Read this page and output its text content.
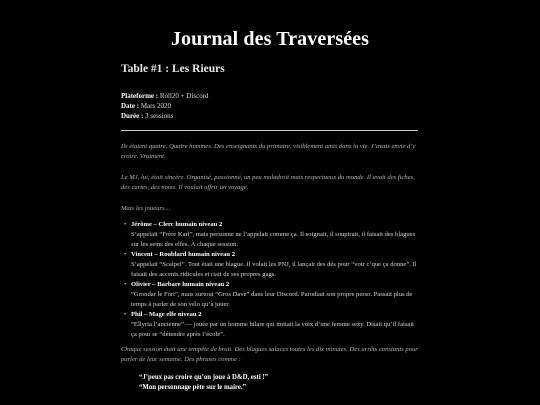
Journal des Traversées
Table #1 : Les Rieurs
Plateforme : Roll20 + Discord
Date : Mars 2020
Durée : 3 sessions

Ils étaient quatre. Quatre hommes. Des enseignants du primaire, visiblement amis dans la vie. J’avais envie d’y croire. Vraiment.

Le MJ, lui, était sincère. Organisé, passionné, un peu maladroit mais respectueux du monde. Il avait des fiches, des cartes, des noms. Il voulait offrir un voyage.

Mais les joueurs…

• Jérôme – Clerc humain niveau 2
S’appelait “Frère Karl”, mais personne ne l’appelait comme ça. Il soignait, il soupirait, il faisait des blagues sur les seins des elfes. À chaque session.
• Vincent – Roublard humain niveau 2
S’appelait “Scalpel”. Tout était une blague. Il volait les PNJ, il lançait des dés pour “voir c’que ça donne”. Il faisait des accents ridicules et riait de ses propres gags.
• Olivier – Barbare humain niveau 2
“Grondar le Fort”, mais surtout “Gros Dave” dans leur Discord. Parodiait son propre perso. Passait plus de temps à parler de son vélo qu’à jouer.
• Phil – Mage elfe niveau 2
“Ellyria l’ancienne” — jouée par un homme hilare qui imitait la voix d’une femme sexy. Disait qu’il faisait ça pour se “détendre après l’école”.

Chaque session était une tempête de bruit. Des blagues salaces toutes les dix minutes. Des arrêts constants pour parler de leur semaine. Des phrases comme :

“J’peux pas croire qu’on joue à D&D, esti !”
“Mon personnage pète sur le maire.”
